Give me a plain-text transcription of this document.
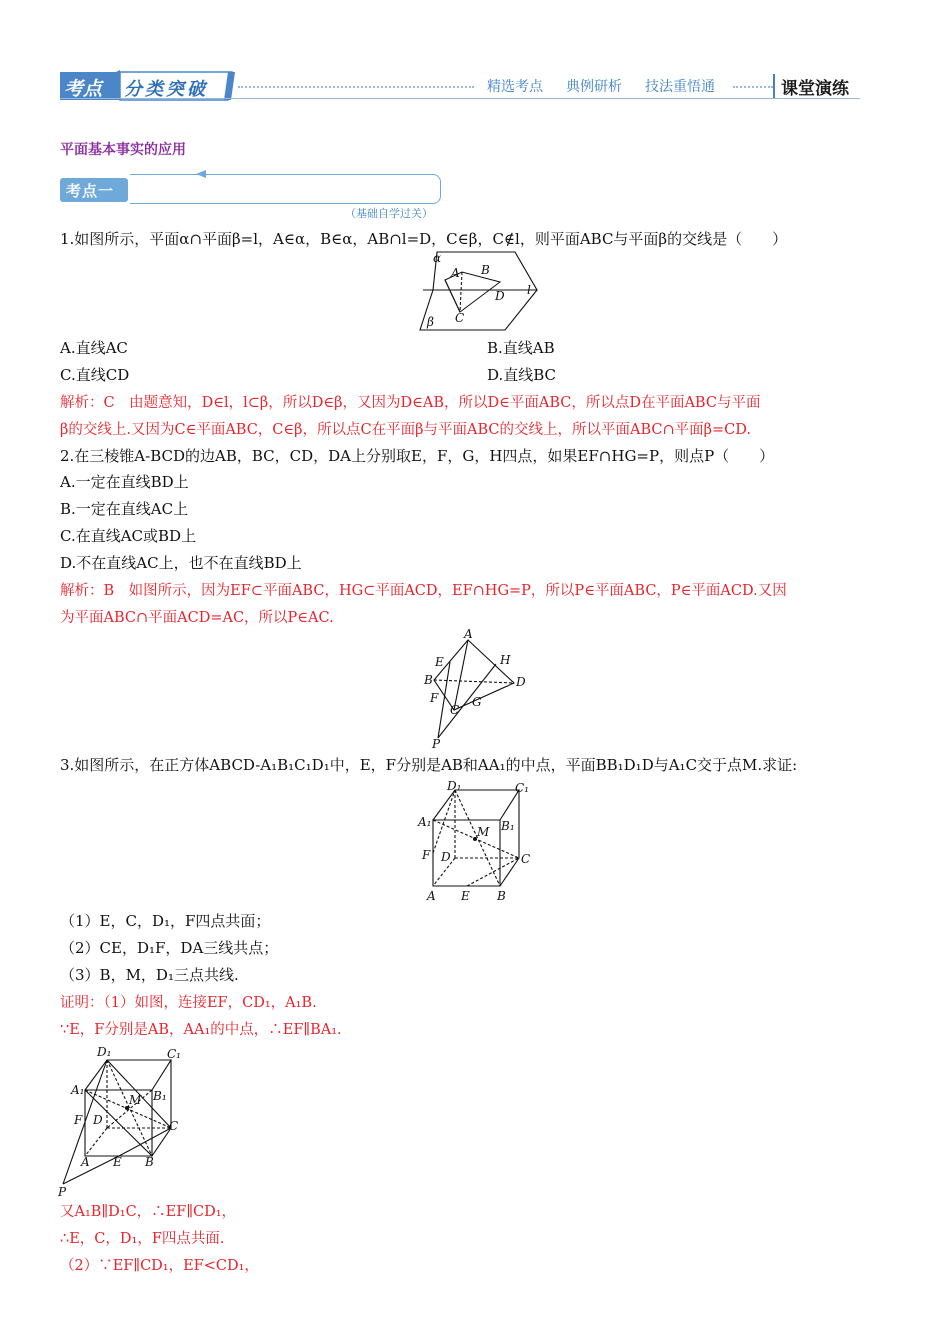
考点 分类突破	精选考点 典例研析 技法重悟通	课堂演练
平面基本事实的应用
考点一
（基础自学过关）
1.如图所示，平面α∩平面β=l，A∈α，B∈α，AB∩l=D，C∈β，C∉l，则平面ABC与平面β的交线是（　　）
α
β
l
A B
C
D
A.直线AC	B.直线AB
C.直线CD	D.直线BC
解析：C　由题意知，D∈l，l⊂β，所以D∈β，又因为D∈AB，所以D∈平面ABC，所以点D在平面ABC与平面
β的交线上.又因为C∈平面ABC，C∈β，所以点C在平面β与平面ABC的交线上，所以平面ABC∩平面β=CD.
2.在三棱锥A-BCD的边AB，BC，CD，DA上分别取E，F，G，H四点，如果EF∩HG=P，则点P（　　）
A.一定在直线BD上
B.一定在直线AC上
C.在直线AC或BD上
D.不在直线AC上，也不在直线BD上
解析：B　如图所示，因为EF⊂平面ABC，HG⊂平面ACD，EF∩HG=P，所以P∈平面ABC，P∈平面ACD.又因
为平面ABC∩平面ACD=AC，所以P∈AC.
A
B
C
D
E
F	G
H
P
3.如图所示，在正方体ABCD-A₁B₁C₁D₁中，E，F分别是AB和AA₁的中点，平面BB₁D₁D与A₁C交于点M.求证:
D₁	C₁
A₁	B₁
M
F D	C
A E B
（1）E，C，D₁，F四点共面；
（2）CE，D₁F，DA三线共点；
（3）B，M，D₁三点共线.
证明：（1）如图，连接EF，CD₁，A₁B.
∵E，F分别是AB，AA₁的中点，∴EF∥BA₁.
D₁	C₁
A₁	B₁
M
F D	C
A E B
P
又A₁B∥D₁C，∴EF∥CD₁，
∴E，C，D₁，F四点共面.
（2）∵EF∥CD₁，EF<CD₁，
